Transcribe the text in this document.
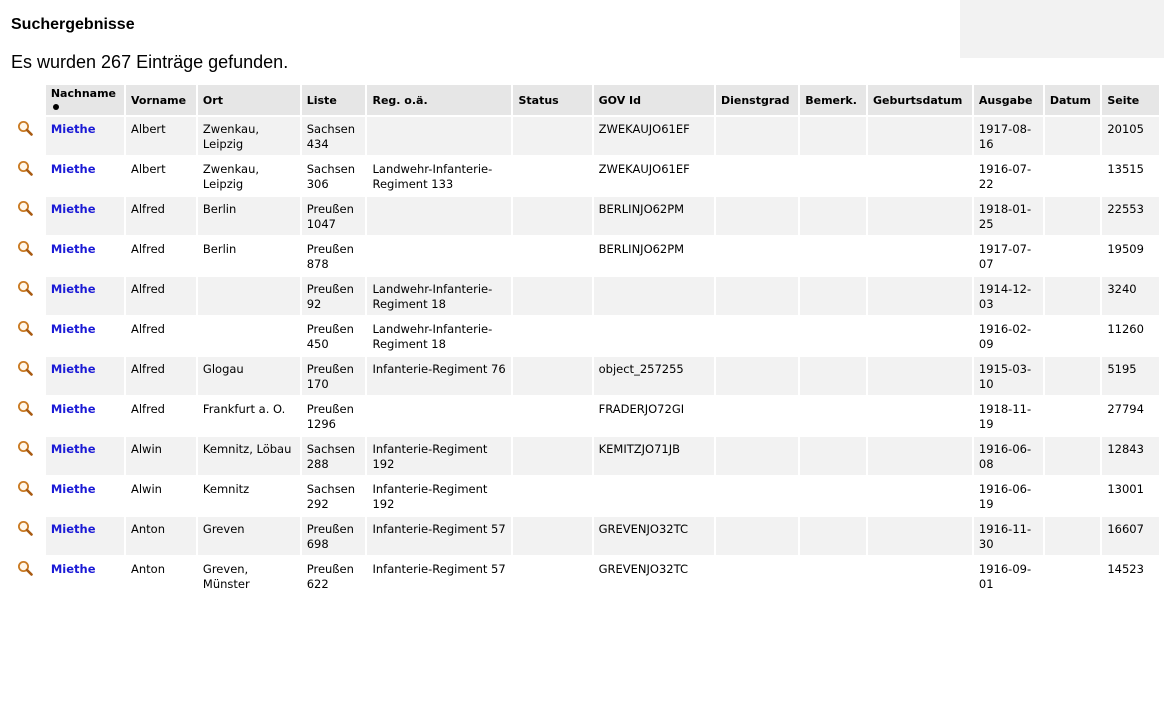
Suchergebnisse
Es wurden 267 Einträge gefunden.
	Nachname	Vorname	Ort	Liste	Reg. o.ä.	Status	GOV Id	Dienstgrad	Bemerk.	Geburtsdatum	Ausgabe	Datum	Seite
	Miethe	Albert	Zwenkau, Leipzig	Sachsen 434			ZWEKAUJO61EF				1917-08-16		20105
	Miethe	Albert	Zwenkau, Leipzig	Sachsen 306	Landwehr-Infanterie-Regiment 133		ZWEKAUJO61EF				1916-07-22		13515
	Miethe	Alfred	Berlin	Preußen 1047			BERLINJO62PM				1918-01-25		22553
	Miethe	Alfred	Berlin	Preußen 878			BERLINJO62PM				1917-07-07		19509
	Miethe	Alfred		Preußen 92	Landwehr-Infanterie-Regiment 18						1914-12-03		3240
	Miethe	Alfred		Preußen 450	Landwehr-Infanterie-Regiment 18						1916-02-09		11260
	Miethe	Alfred	Glogau	Preußen 170	Infanterie-Regiment 76		object_257255				1915-03-10		5195
	Miethe	Alfred	Frankfurt a. O.	Preußen 1296			FRADERJO72GI				1918-11-19		27794
	Miethe	Alwin	Kemnitz, Löbau	Sachsen 288	Infanterie-Regiment 192		KEMITZJO71JB				1916-06-08		12843
	Miethe	Alwin	Kemnitz	Sachsen 292	Infanterie-Regiment 192						1916-06-19		13001
	Miethe	Anton	Greven	Preußen 698	Infanterie-Regiment 57		GREVENJO32TC				1916-11-30		16607
	Miethe	Anton	Greven, Münster	Preußen 622	Infanterie-Regiment 57		GREVENJO32TC				1916-09-01		14523
